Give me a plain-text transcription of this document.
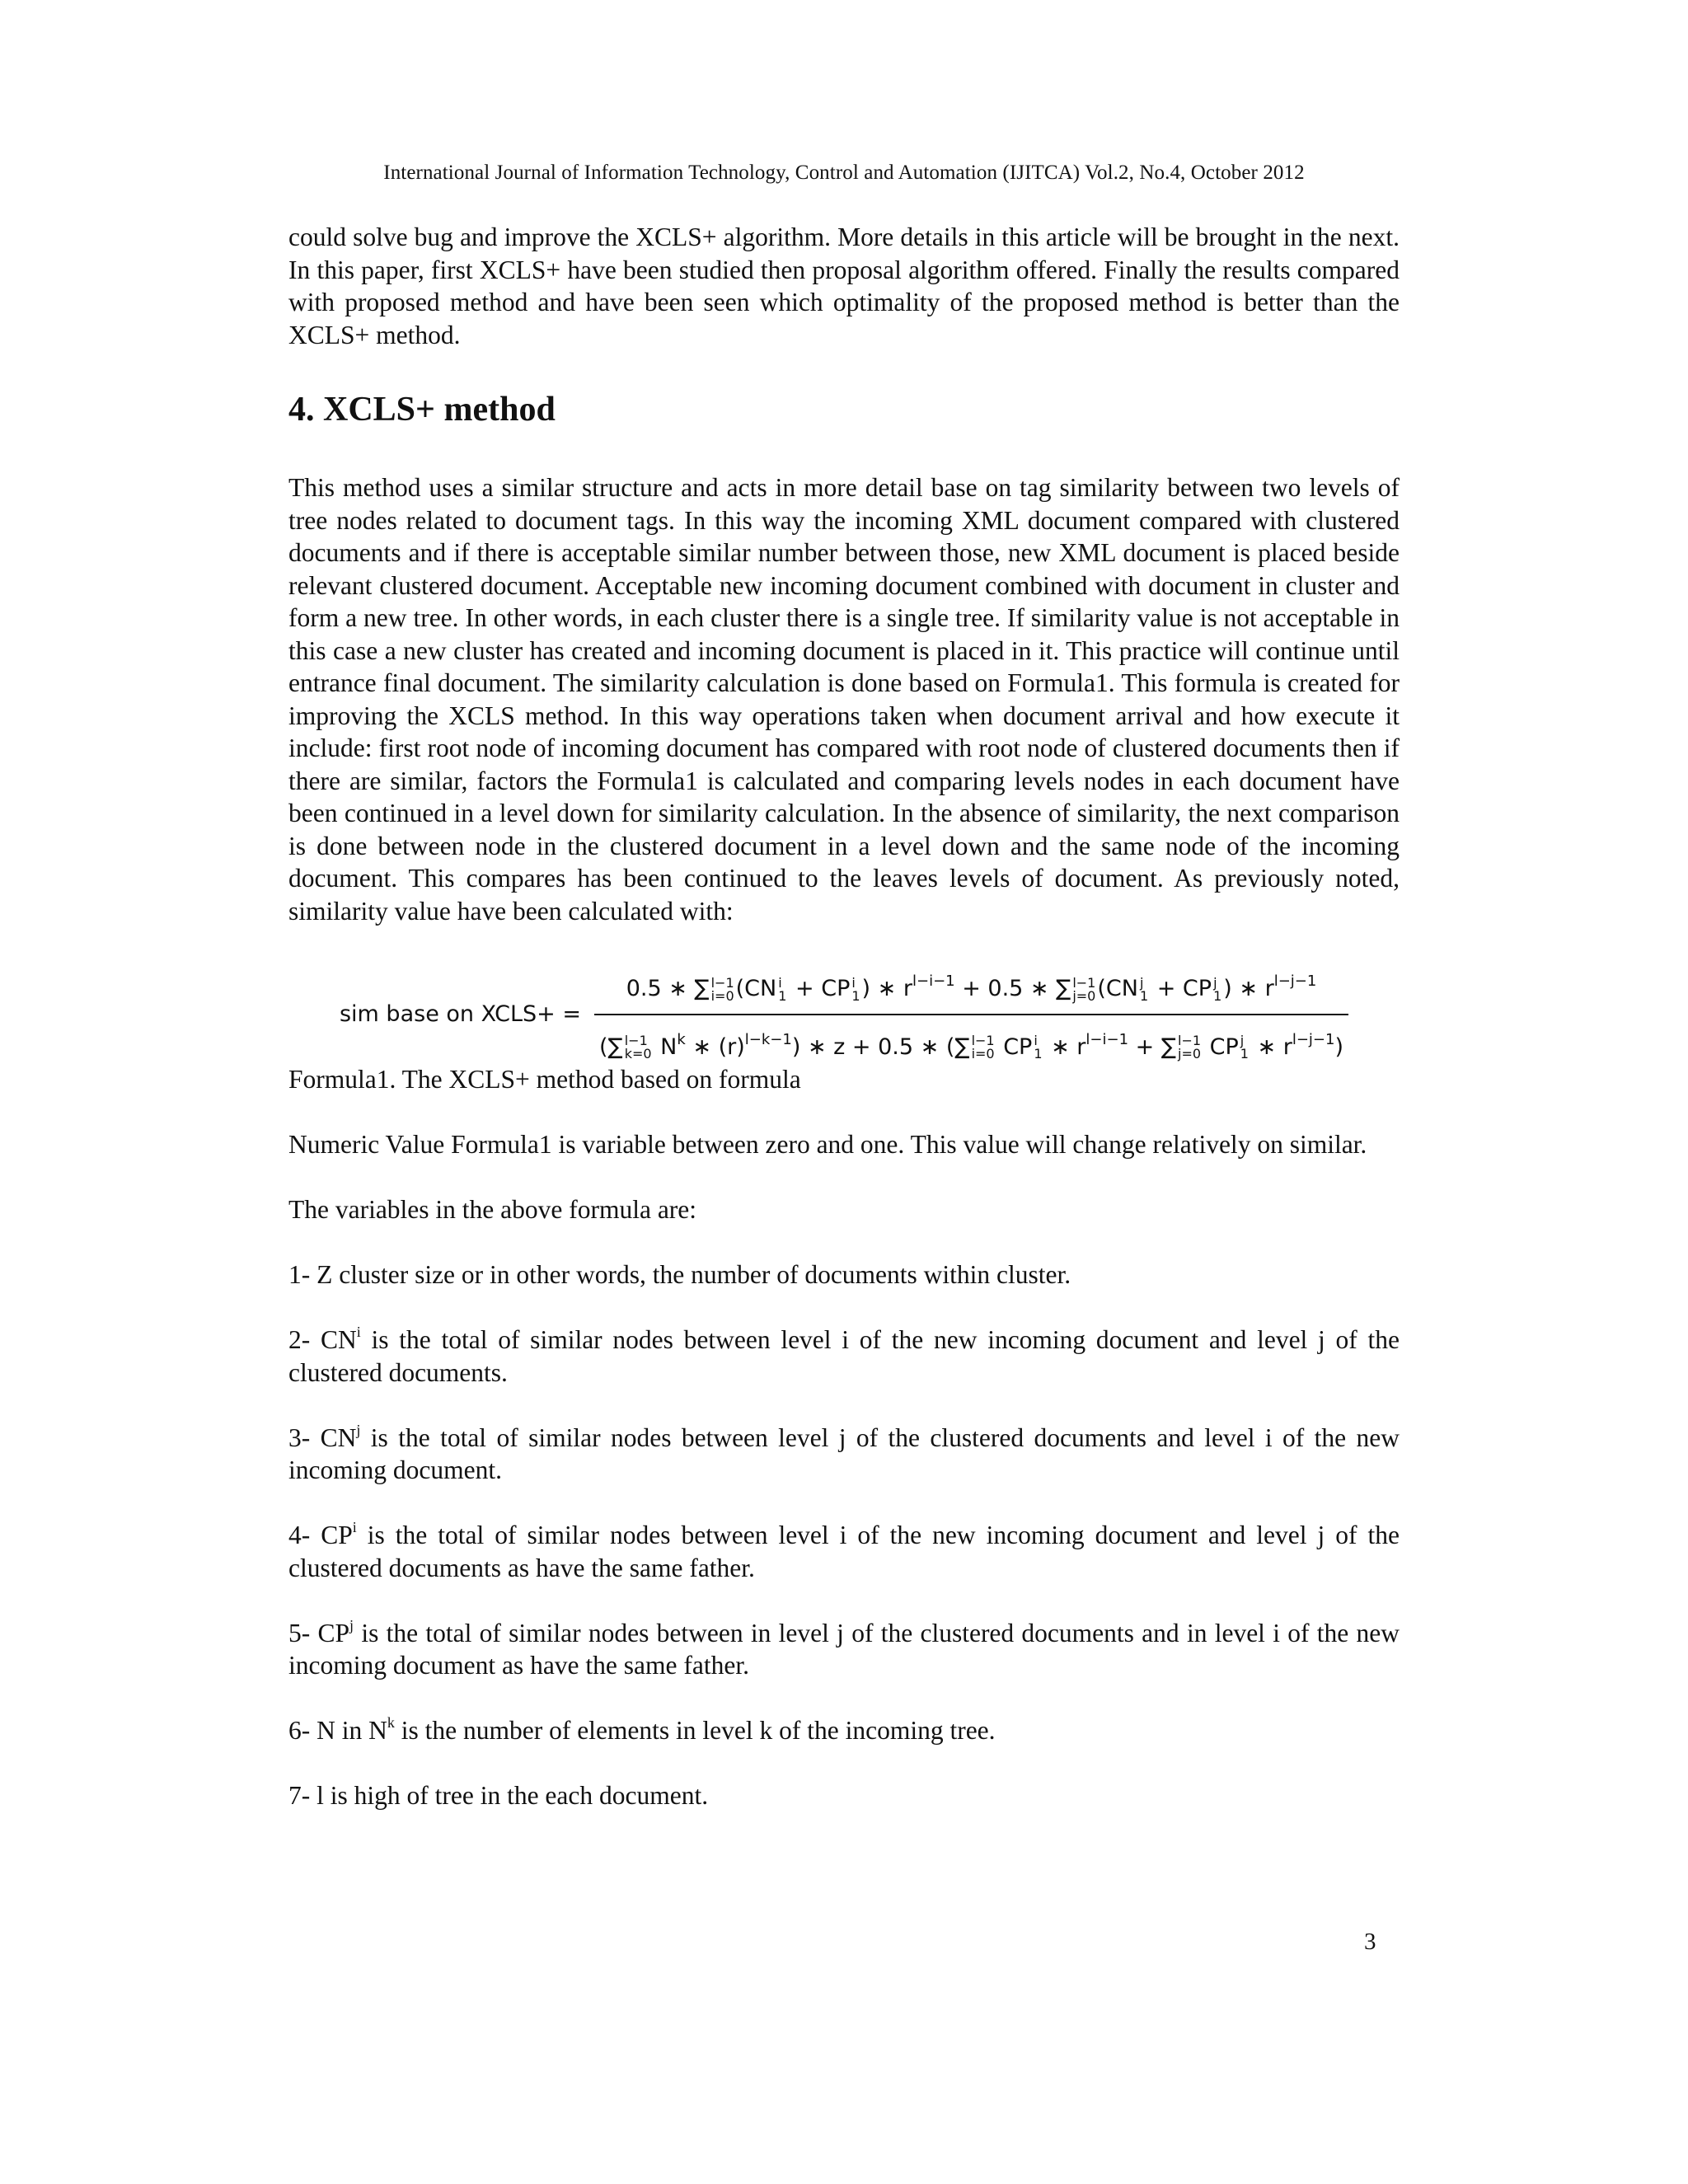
International Journal of Information Technology, Control and Automation (IJITCA) Vol.2, No.4, October 2012

could solve bug and improve the XCLS+ algorithm. More details in this article will be brought in the next. In this paper, first XCLS+ have been studied then proposal algorithm offered. Finally the results compared with proposed method and have been seen which optimality of the proposed method is better than the XCLS+ method.

4. XCLS+ method

This method uses a similar structure and acts in more detail base on tag similarity between two levels of tree nodes related to document tags. In this way the incoming XML document compared with clustered documents and if there is acceptable similar number between those, new XML document is placed beside relevant clustered document. Acceptable new incoming document combined with document in cluster and form a new tree. In other words, in each cluster there is a single tree. If similarity value is not acceptable in this case a new cluster has created and incoming document is placed in it. This practice will continue until entrance final document. The similarity calculation is done based on Formula1. This formula is created for improving the XCLS method. In this way operations taken when document arrival and how execute it include: first root node of incoming document has compared with root node of clustered documents then if there are similar, factors the Formula1 is calculated and comparing levels nodes in each document have been continued in a level down for similarity calculation. In the absence of similarity, the next comparison is done between node in the clustered document in a level down and the same node of the incoming document. This compares has been continued to the leaves levels of document. As previously noted, similarity value have been calculated with:

sim base on XCLS+ =
0.5 ∗ ∑ l−1
i=0 (CN i
1 + CP i
1 ) ∗ $r^{l-i-1} + 0.5$ ∗ ∑ l−1
j=0 (CN j
1 + CP j
1 ) ∗ $r^{l-j-1}$
(∑ l−1
k=0 $N^k$ ∗ $(r)^{l-k-1}$) ∗ z + 0.5 ∗ (∑ l−1
i=0 CP i
1 ∗ $r^{l-i-1}$ + ∑ l−1
j=0 CP j
1 ∗ $r^{l-j-1}$)

Formula1. The XCLS+ method based on formula

Numeric Value Formula1 is variable between zero and one. This value will change relatively on similar.

The variables in the above formula are:

1- Z cluster size or in other words, the number of documents within cluster.

2- $CN^i$ is the total of similar nodes between level i of the new incoming document and level j of the clustered documents.

3- $CN^j$ is the total of similar nodes between level j of the clustered documents and level i of the new incoming document.

4- $CP^i$ is the total of similar nodes between level i of the new incoming document and level j of the clustered documents as have the same father.

5- $CP^j$ is the total of similar nodes between in level j of the clustered documents and in level i of the new incoming document as have the same father.

6- N in $N^k$ is the number of elements in level k of the incoming tree.

7- l is high of tree in the each document.

3
